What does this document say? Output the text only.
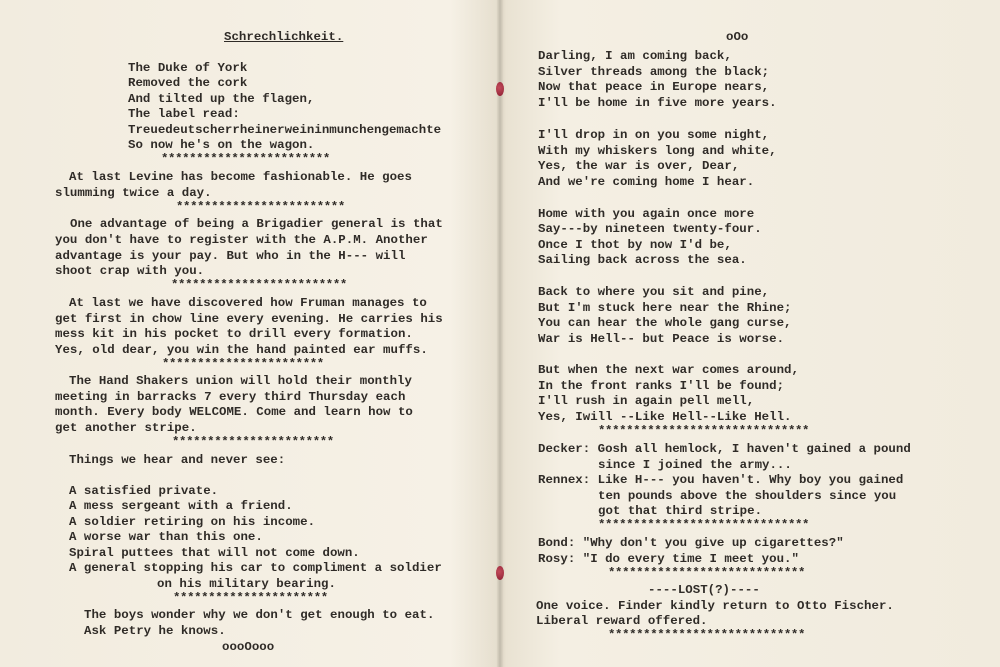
Schrechlichkeit.
The Duke of York
Removed the cork
And tilted up the flagen,
The label read:
Treuedeutscherrheinerweininmunchengemachte
So now he's on the wagon.
************************
At last Levine has become fashionable. He goes
slumming twice a day.
************************
One advantage of being a Brigadier general is that
you don't have to register with the A.P.M. Another
advantage is your pay. But who in the H--- will
shoot crap with you.
*************************
At last we have discovered how Fruman manages to
get first in chow line every evening. He carries his
mess kit in his pocket to drill every formation.
Yes, old dear, you win the hand painted ear muffs.
***********************
The Hand Shakers union will hold their monthly
meeting in barracks 7 every third Thursday each
month. Every body WELCOME. Come and learn how to
get another stripe.
***********************
Things we hear and never see:
A satisfied private.
A mess sergeant with a friend.
A soldier retiring on his income.
A worse war than this one.
Spiral puttees that will not come down.
A general stopping his car to compliment a soldier
on his military bearing.
**********************
The boys wonder why we don't get enough to eat.
Ask Petry he knows.
oooOooo
oOo
Darling, I am coming back,
Silver threads among the black;
Now that peace in Europe nears,
I'll be home in five more years.
I'll drop in on you some night,
With my whiskers long and white,
Yes, the war is over, Dear,
And we're coming home I hear.
Home with you again once more
Say---by nineteen twenty-four.
Once I thot by now I'd be,
Sailing back across the sea.
Back to where you sit and pine,
But I'm stuck here near the Rhine;
You can hear the whole gang curse,
War is Hell-- but Peace is worse.
But when the next war comes around,
In the front ranks I'll be found;
I'll rush in again pell mell,
Yes, Iwill --Like Hell--Like Hell.
******************************
Decker: Gosh all hemlock, I haven't gained a pound
since I joined the army...
Rennex: Like H--- you haven't. Why boy you gained
ten pounds above the shoulders since you
got that third stripe.
******************************
Bond: "Why don't you give up cigarettes?"
Rosy: "I do every time I meet you."
****************************
----LOST(?)----
One voice. Finder kindly return to Otto Fischer.
Liberal reward offered.
****************************
